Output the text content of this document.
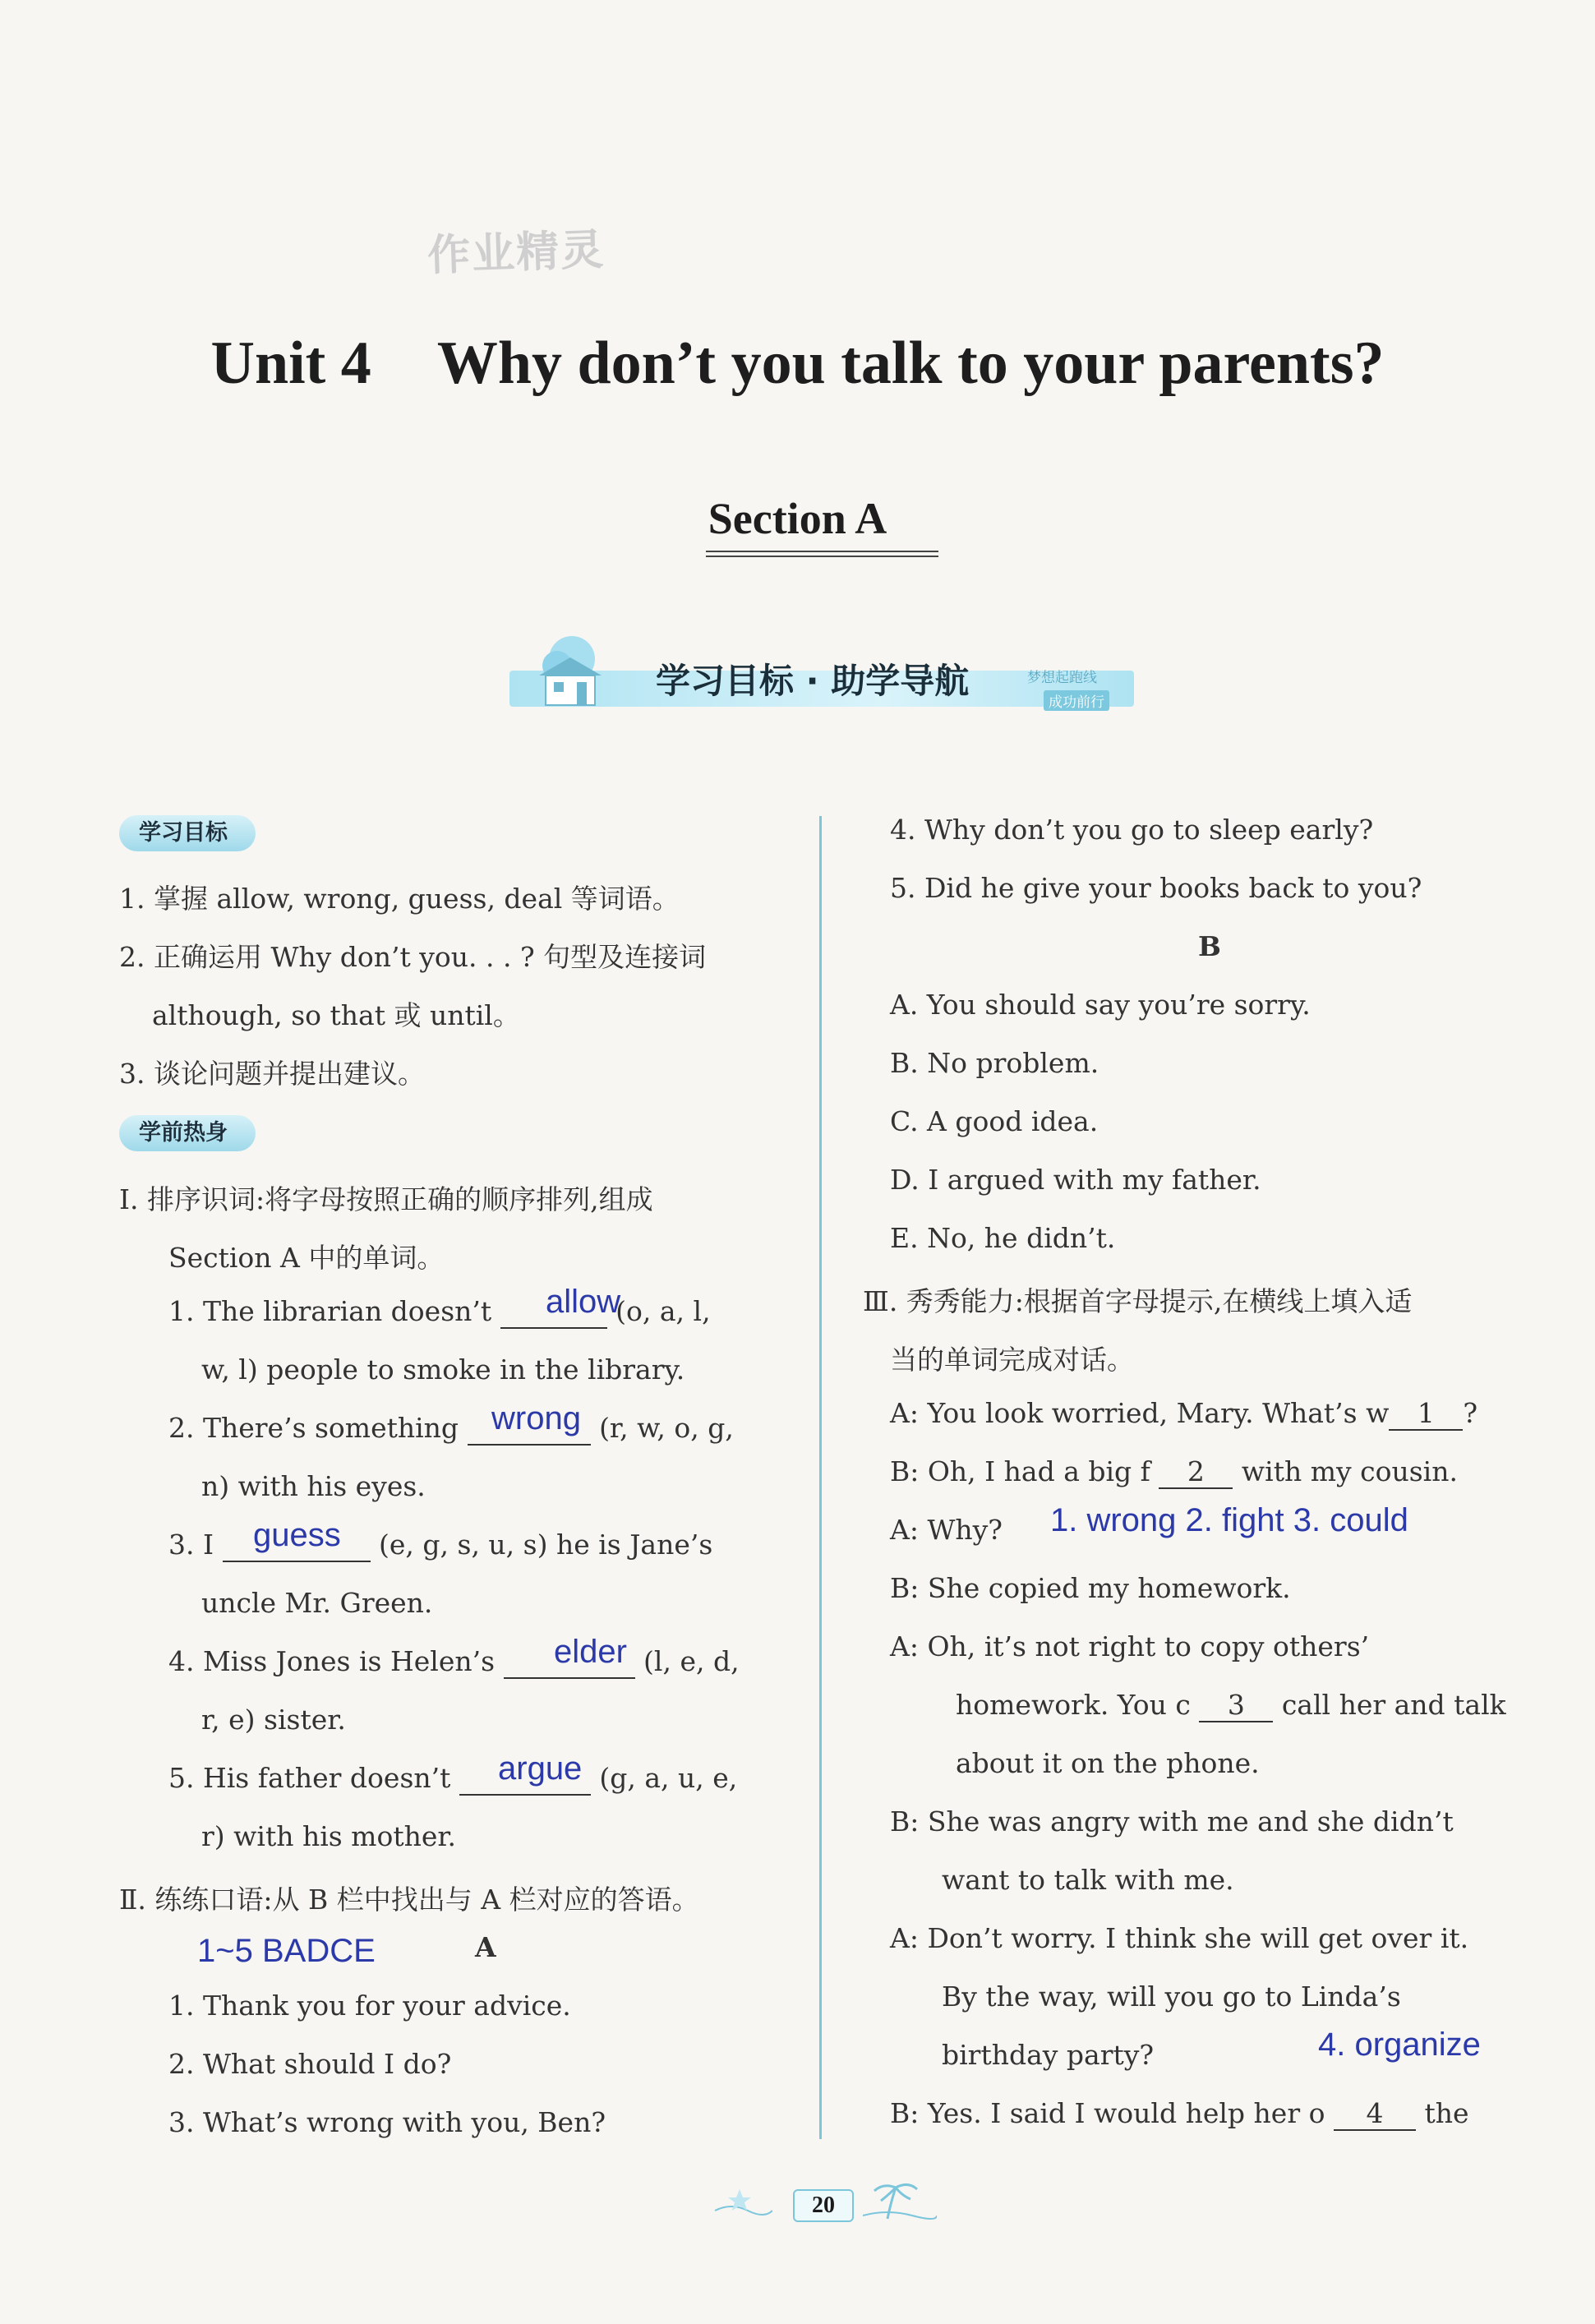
作业精灵
Unit 4 Why don’t you talk to your parents?
Section A
学习目标 · 助学导航	梦想起跑线
成功前行
学习目标
1. 掌握 allow, wrong, guess, deal 等词语。
2. 正确运用 Why don’t you. . . ? 句型及连接词
although, so that 或 until。
3. 谈论问题并提出建议。
学前热身
Ⅰ. 排序识词:将字母按照正确的顺序排列,组成
Section A 中的单词。
1. The librarian doesn’t	(o, a, l,
allow
w, l) people to smoke in the library.
2. There’s something	(r, w, o, g,
wrong
n) with his eyes.
3. I	(e, g, s, u, s) he is Jane’s
guess
uncle Mr. Green.
4. Miss Jones is Helen’s	(l, e, d,
elder
r, e) sister.
5. His father doesn’t	(g, a, u, e,
argue
r) with his mother.
Ⅱ. 练练口语:从 B 栏中找出与 A 栏对应的答语。
1~5 BADCE	A
1. Thank you for your advice.
2. What should I do?
3. What’s wrong with you, Ben?
4. Why don’t you go to sleep early?
5. Did he give your books back to you?
B
A. You should say you’re sorry.
B. No problem.
C. A good idea.
D. I argued with my father.
E. No, he didn’t.
Ⅲ. 秀秀能力:根据首字母提示,在横线上填入适
当的单词完成对话。
A: You look worried, Mary. What’s w 1 ?
B: Oh, I had a big f 2 with my cousin.
A: Why? 1. wrong 2. fight 3. could
B: She copied my homework.
A: Oh, it’s not right to copy others’
homework. You c 3 call her and talk
about it on the phone.
B: She was angry with me and she didn’t
want to talk with me.
A: Don’t worry. I think she will get over it.
By the way, will you go to Linda’s
birthday party?	4. organize
B: Yes. I said I would help her o 4 the
20
